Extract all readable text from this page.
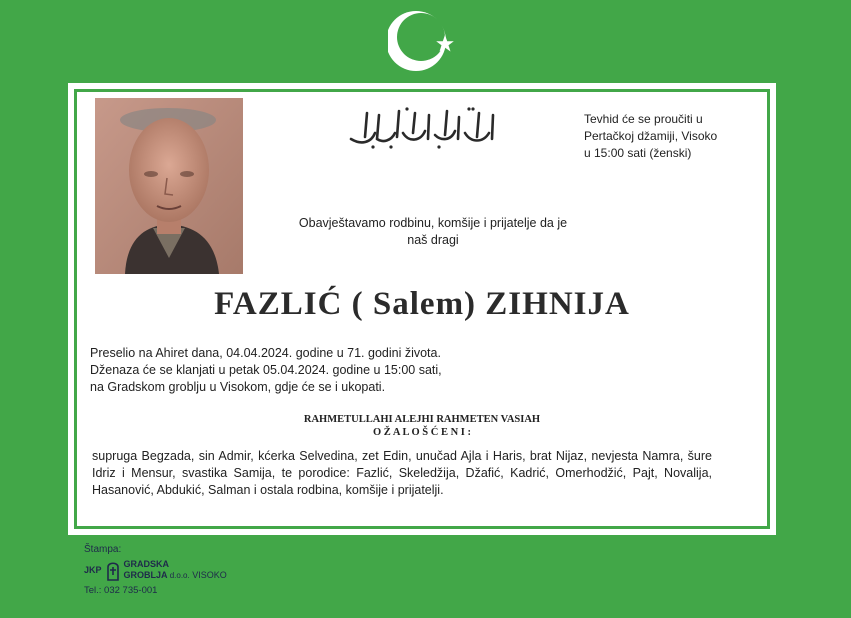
Tevhid će se proučiti u
Pertačkoj džamiji, Visoko
u 15:00 sati (ženski)
Obavještavamo rodbinu, komšije i prijatelje da je
naš dragi
FAZLIĆ ( Salem) ZIHNIJA
Preselio na Ahiret dana, 04.04.2024. godine u 71. godini života.
Dženaza će se klanjati u petak 05.04.2024. godine u 15:00 sati,
na Gradskom groblju u Visokom, gdje će se i ukopati.
RAHMETULLAHI ALEJHI RAHMETEN VASIAH
O Ž A L O Š Ć E N I :
supruga Begzada, sin Admir, kćerka Selvedina, zet Edin, unučad Ajla i Haris, brat Nijaz, nevjesta Namra, šure Idriz i Mensur, svastika Samija, te porodice: Fazlić, Skeledžija, Džafić, Kadrić, Omerhodžić, Pajt, Novalija, Hasanović, Abdukić, Salman i ostala rodbina, komšije i prijatelji.
Štampa:
JKP
GRADSKA
GROBLJA d.o.o. VISOKO
Tel.: 032 735-001
